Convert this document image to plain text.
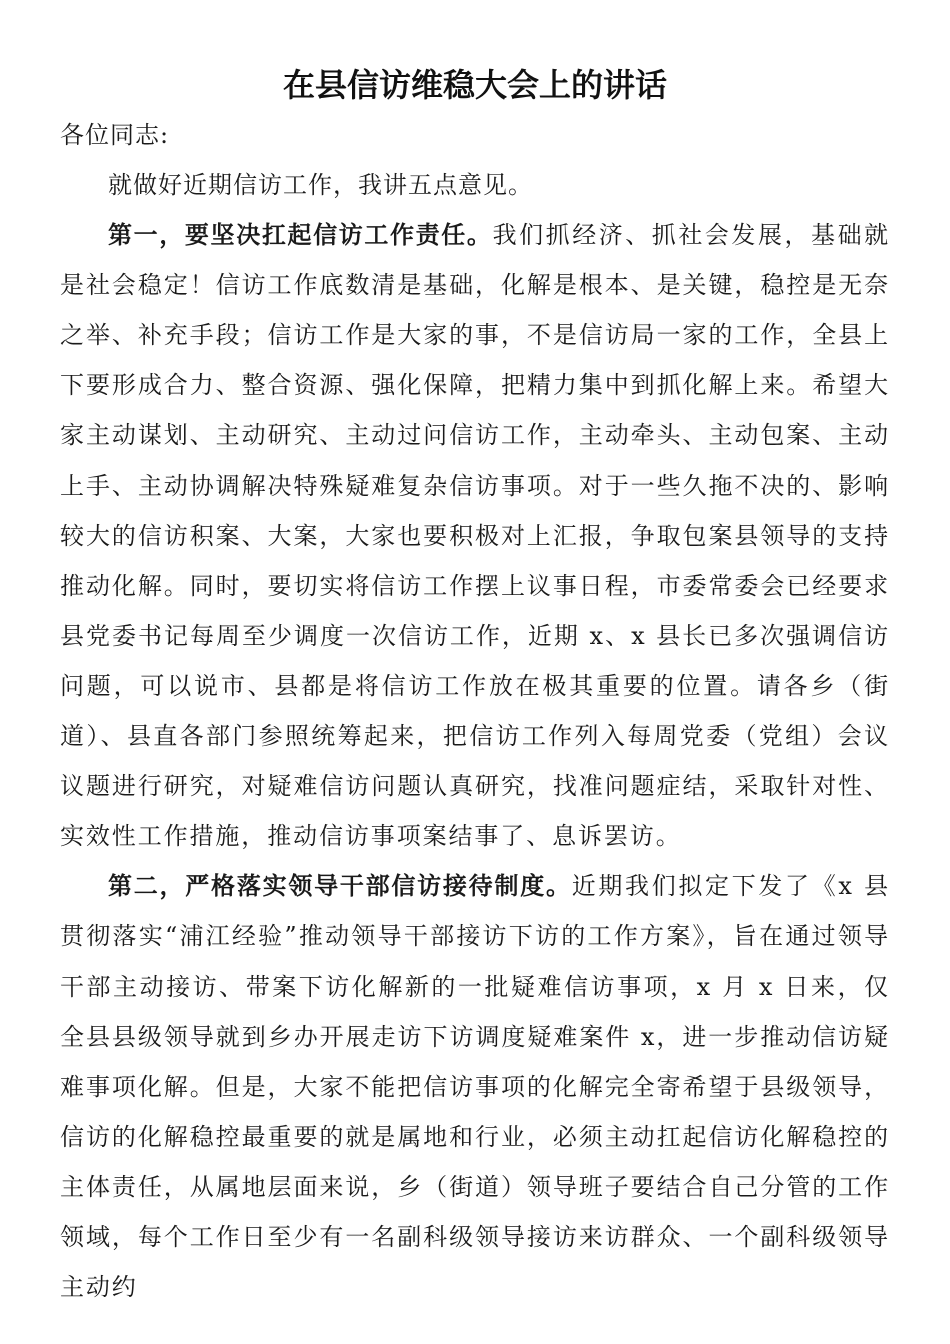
在县信访维稳大会上的讲话

各位同志:

就做好近期信访工作，我讲五点意见。

第一，要坚决扛起信访工作责任。我们抓经济、抓社会发展，基础就是社会稳定！信访工作底数清是基础，化解是根本、是关键，稳控是无奈之举、补充手段；信访工作是大家的事，不是信访局一家的工作，全县上下要形成合力、整合资源、强化保障，把精力集中到抓化解上来。希望大家主动谋划、主动研究、主动过问信访工作，主动牵头、主动包案、主动上手、主动协调解决特殊疑难复杂信访事项。对于一些久拖不决的、影响较大的信访积案、大案，大家也要积极对上汇报，争取包案县领导的支持推动化解。同时，要切实将信访工作摆上议事日程，市委常委会已经要求县党委书记每周至少调度一次信访工作，近期 x、x 县长已多次强调信访问题，可以说市、县都是将信访工作放在极其重要的位置。请各乡（街道）、县直各部门参照统筹起来，把信访工作列入每周党委（党组）会议议题进行研究，对疑难信访问题认真研究，找准问题症结，采取针对性、实效性工作措施，推动信访事项案结事了、息诉罢访。

第二，严格落实领导干部信访接待制度。近期我们拟定下发了《x 县贯彻落实“浦江经验”推动领导干部接访下访的工作方案》，旨在通过领导干部主动接访、带案下访化解新的一批疑难信访事项，x 月 x 日来，仅全县县级领导就到乡办开展走访下访调度疑难案件 x，进一步推动信访疑难事项化解。但是，大家不能把信访事项的化解完全寄希望于县级领导，信访的化解稳控最重要的就是属地和行业，必须主动扛起信访化解稳控的主体责任，从属地层面来说，乡（街道）领导班子要结合自己分管的工作领域，每个工作日至少有一名副科级领导接访来访群众、一个副科级领导主动约
